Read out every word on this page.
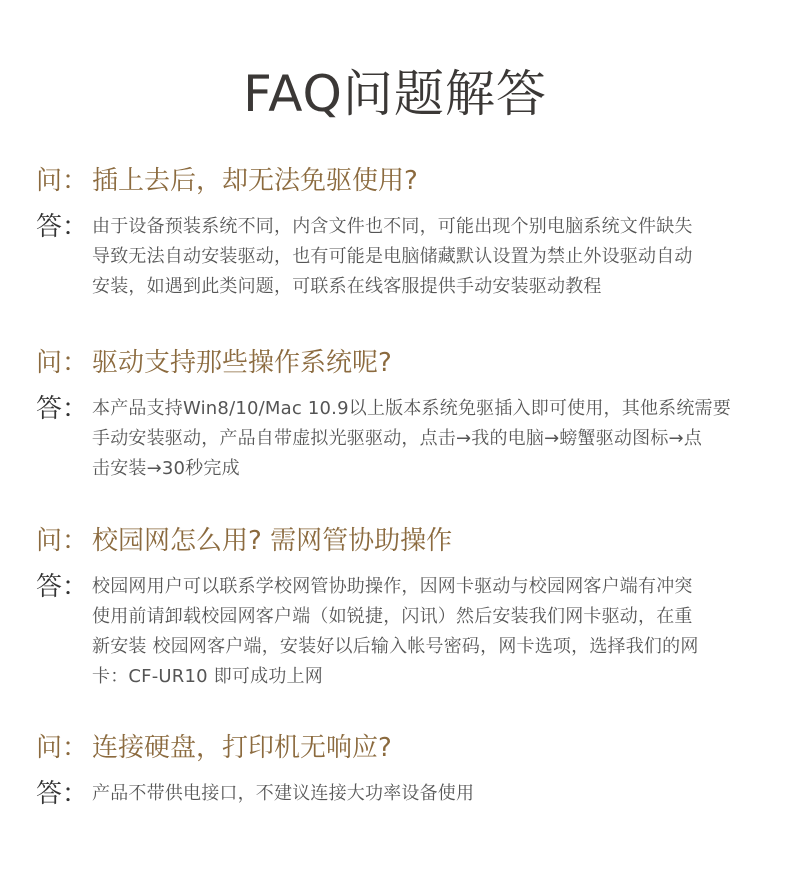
FAQ问题解答
问： 插上去后，却无法免驱使用?
答： 由于设备预装系统不同，内含文件也不同，可能出现个别电脑系统文件缺失
导致无法自动安装驱动，也有可能是电脑储藏默认设置为禁止外设驱动自动
安装，如遇到此类问题，可联系在线客服提供手动安装驱动教程
问： 驱动支持那些操作系统呢?
答： 本产品支持Win8/10/Mac 10.9以上版本系统免驱插入即可使用，其他系统需要
手动安装驱动，产品自带虚拟光驱驱动，点击→我的电脑→螃蟹驱动图标→点
击安装→30秒完成
问： 校园网怎么用? 需网管协助操作
答： 校园网用户可以联系学校网管协助操作，因网卡驱动与校园网客户端有冲突
使用前请卸载校园网客户端（如锐捷，闪讯）然后安装我们网卡驱动，在重
新安装 校园网客户端，安装好以后输入帐号密码，网卡选项，选择我们的网
卡：CF-UR10 即可成功上网
问： 连接硬盘，打印机无响应?
答： 产品不带供电接口，不建议连接大功率设备使用
